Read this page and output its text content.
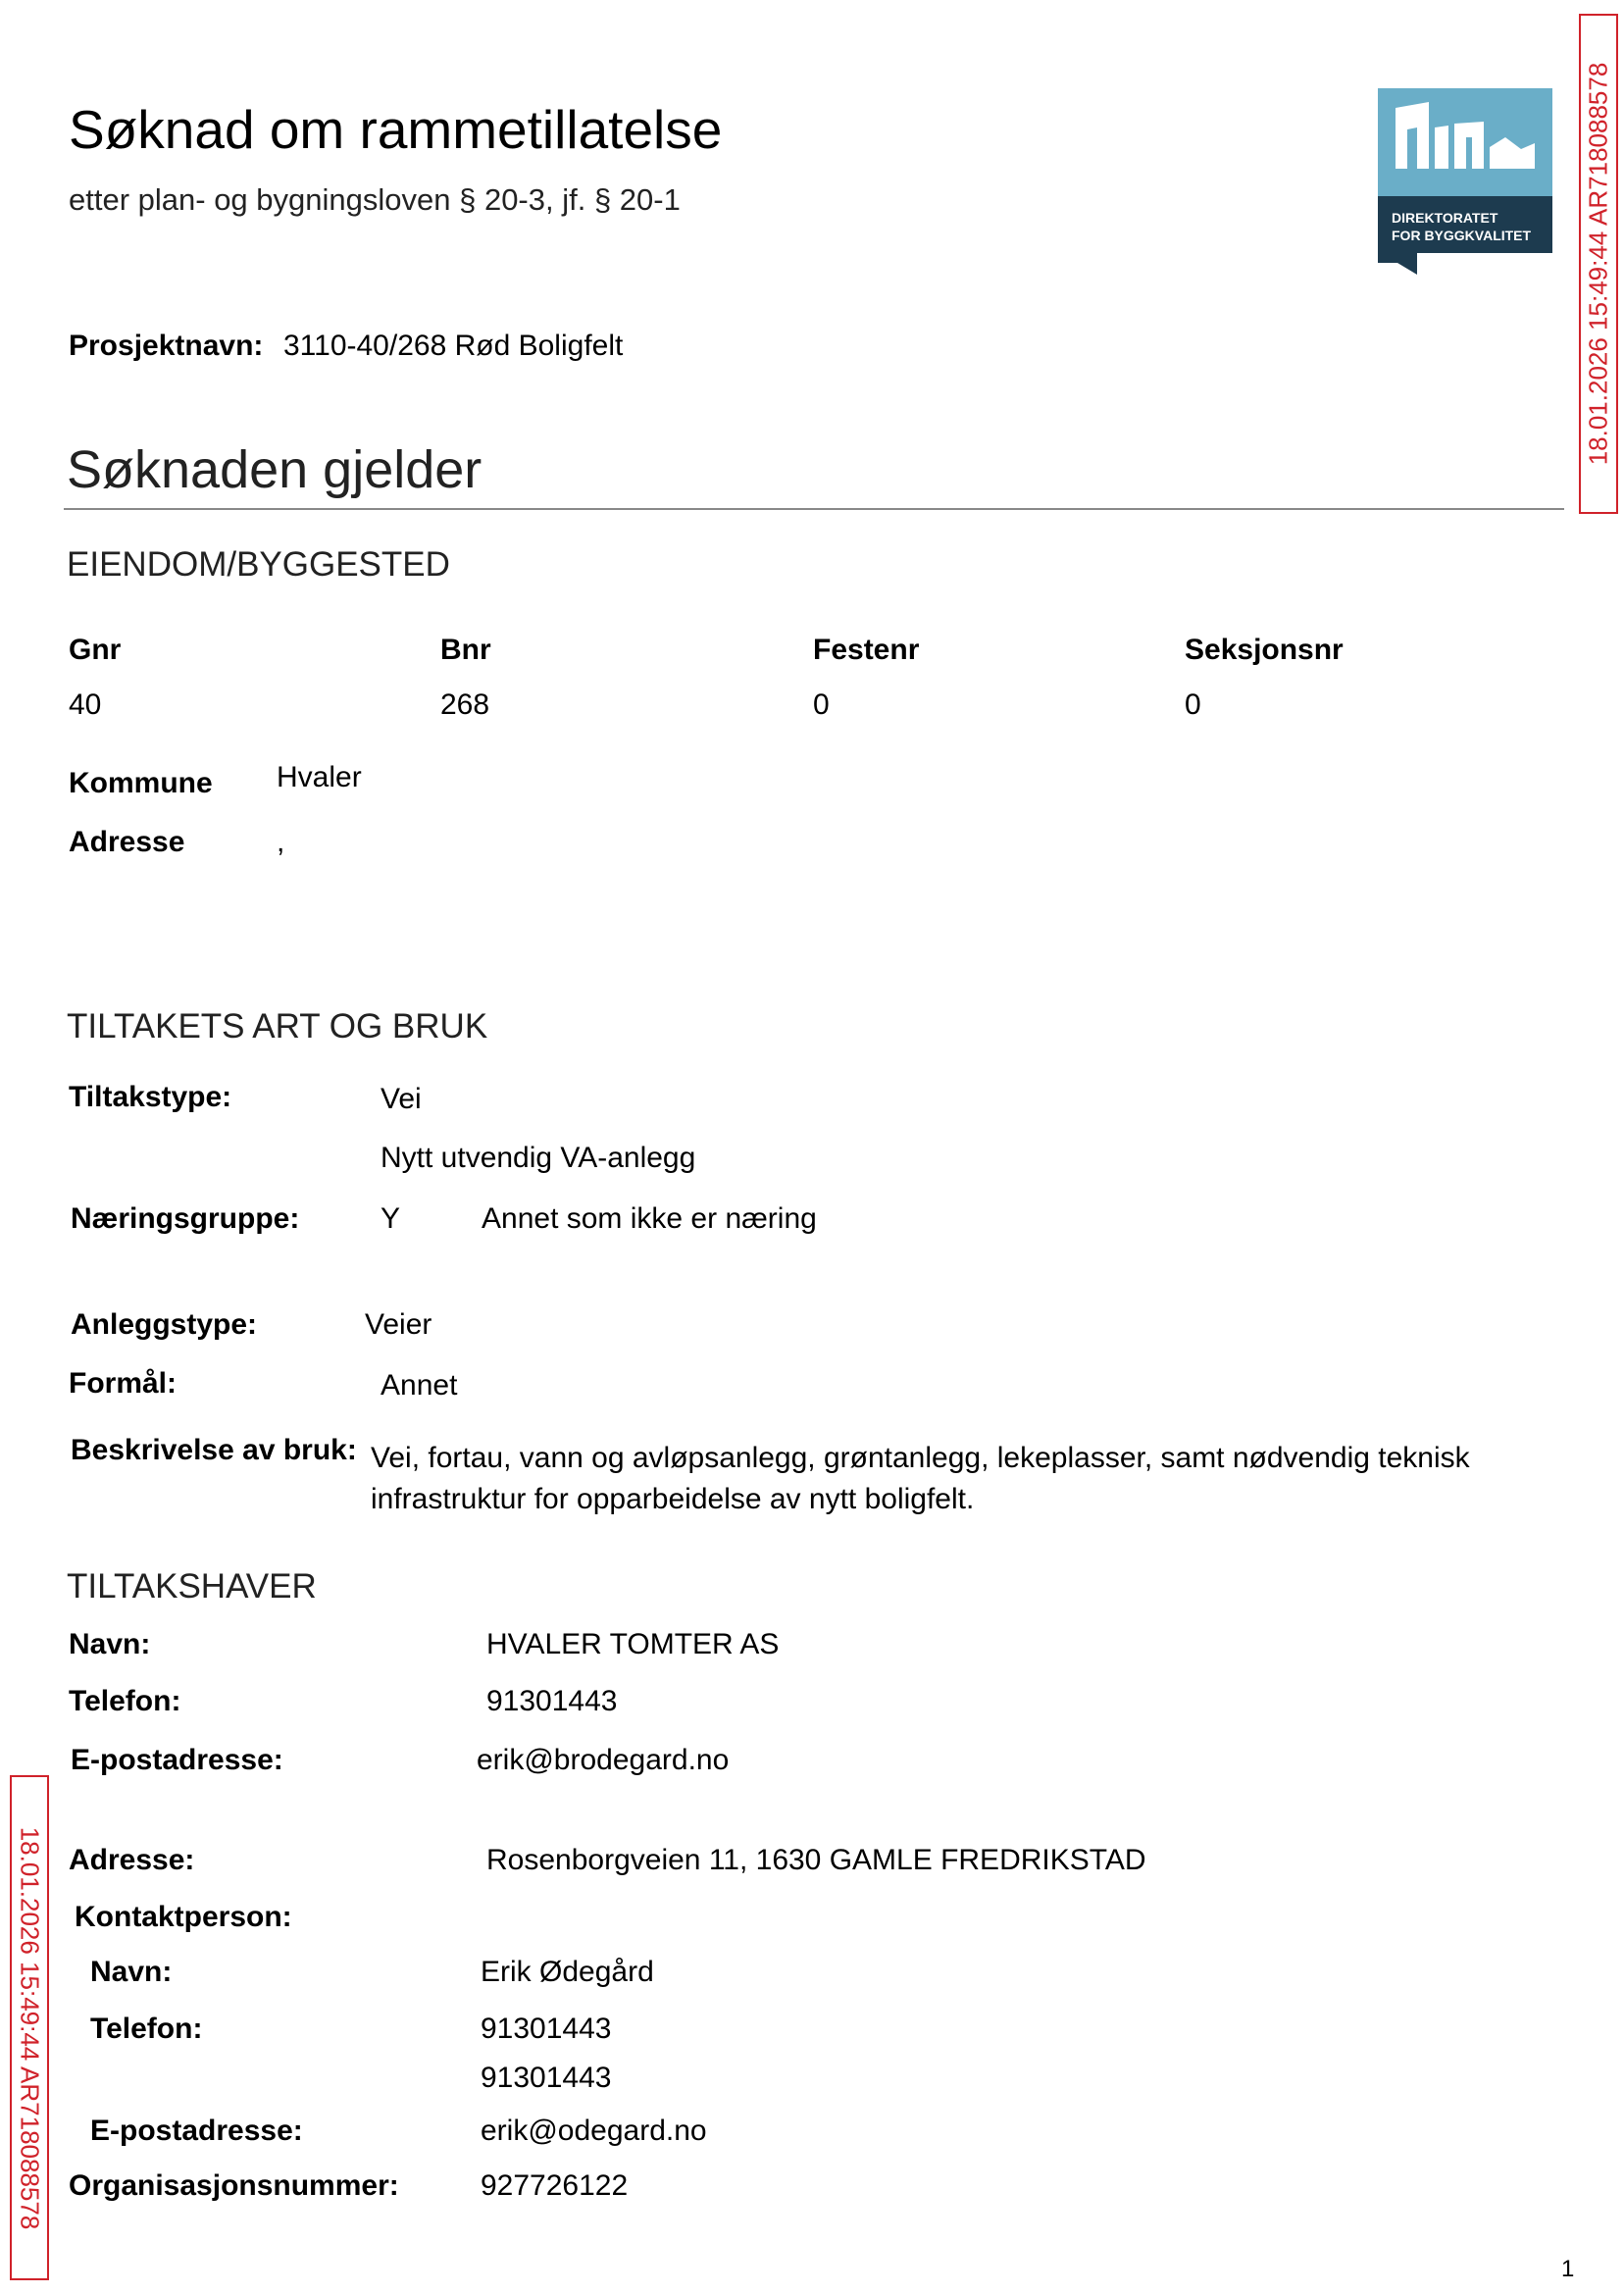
Søknad om rammetillatelse
etter plan- og bygningsloven § 20-3, jf. § 20-1
DIREKTORATET
FOR BYGGKVALITET 18.01.2026 15:49:44 AR718088578
18.01.2026 15:49:44 AR718088578
Prosjektnavn: 3110-40/268 Rød Boligfelt
Søknaden gjelder
EIENDOM/BYGGESTED
Gnr	Bnr	Festenr	Seksjonsnr
40	268	0	0
Kommune Hvaler
Adresse	,
TILTAKETS ART OG BRUK
Tiltakstype:	Vei
Nytt utvendig VA-anlegg
Næringsgruppe:	Y	Annet som ikke er næring
Anleggstype:	Veier
Formål:	Annet
Beskrivelse av bruk: Vei, fortau, vann og avløpsanlegg, grøntanlegg, lekeplasser, samt nødvendig teknisk infrastruktur for opparbeidelse av nytt boligfelt.
TILTAKSHAVER
Navn:	HVALER TOMTER AS
Telefon:	91301443
E-postadresse:	erik@brodegard.no
Adresse:	Rosenborgveien 11, 1630 GAMLE FREDRIKSTAD
Kontaktperson:
Navn:	Erik Ødegård
Telefon:	91301443
91301443
E-postadresse:	erik@odegard.no
Organisasjonsnummer:	927726122
1
